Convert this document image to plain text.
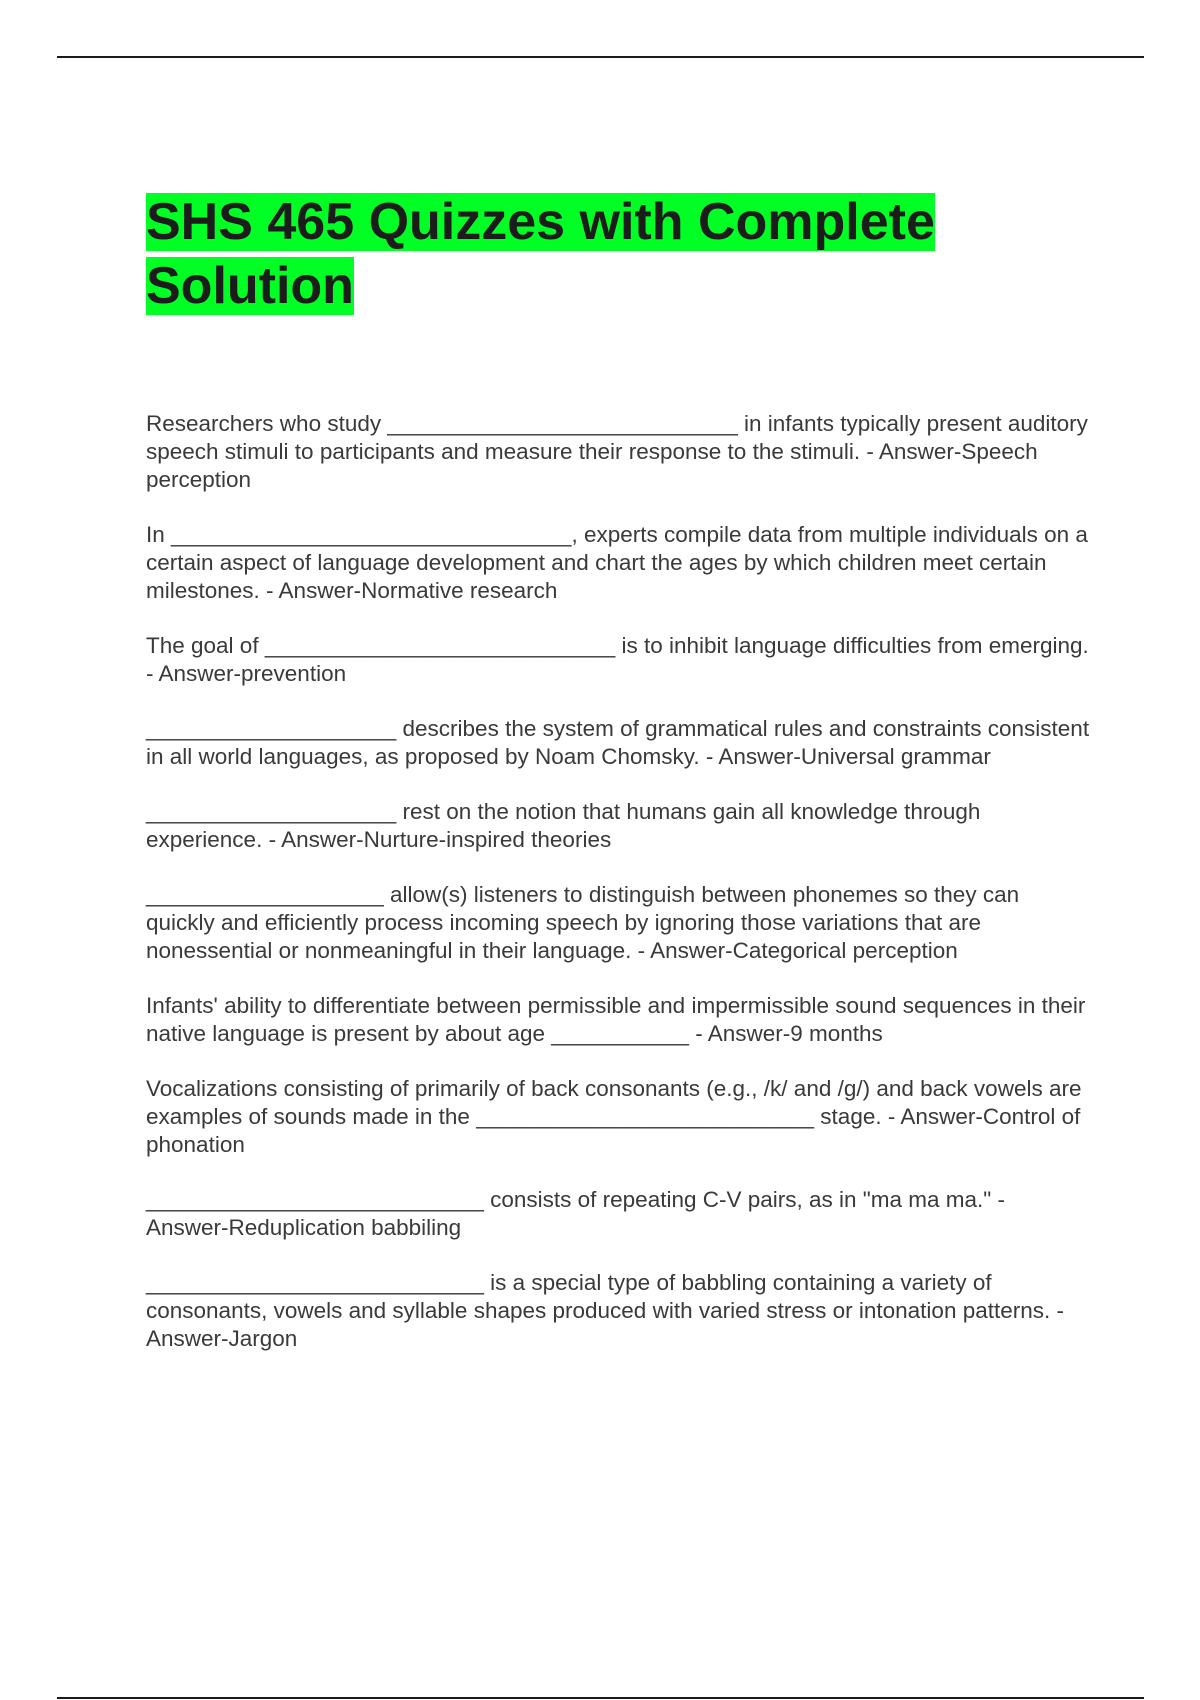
SHS 465 Quizzes with Complete Solution
Researchers who study ____________________________ in infants typically present auditory speech stimuli to participants and measure their response to the stimuli. - Answer-Speech perception
In ________________________________, experts compile data from multiple individuals on a certain aspect of language development and chart the ages by which children meet certain milestones. - Answer-Normative research
The goal of ____________________________ is to inhibit language difficulties from emerging. - Answer-prevention
____________________ describes the system of grammatical rules and constraints consistent in all world languages, as proposed by Noam Chomsky. - Answer-Universal grammar
____________________ rest on the notion that humans gain all knowledge through experience. - Answer-Nurture-inspired theories
___________________ allow(s) listeners to distinguish between phonemes so they can quickly and efficiently process incoming speech by ignoring those variations that are nonessential or nonmeaningful in their language. - Answer-Categorical perception
Infants' ability to differentiate between permissible and impermissible sound sequences in their native language is present by about age ___________ - Answer-9 months
Vocalizations consisting of primarily of back consonants (e.g., /k/ and /g/) and back vowels are examples of sounds made in the ___________________________ stage. - Answer-Control of phonation
___________________________ consists of repeating C-V pairs, as in "ma ma ma." - Answer-Reduplication babbiling
___________________________ is a special type of babbling containing a variety of consonants, vowels and syllable shapes produced with varied stress or intonation patterns. - Answer-Jargon
